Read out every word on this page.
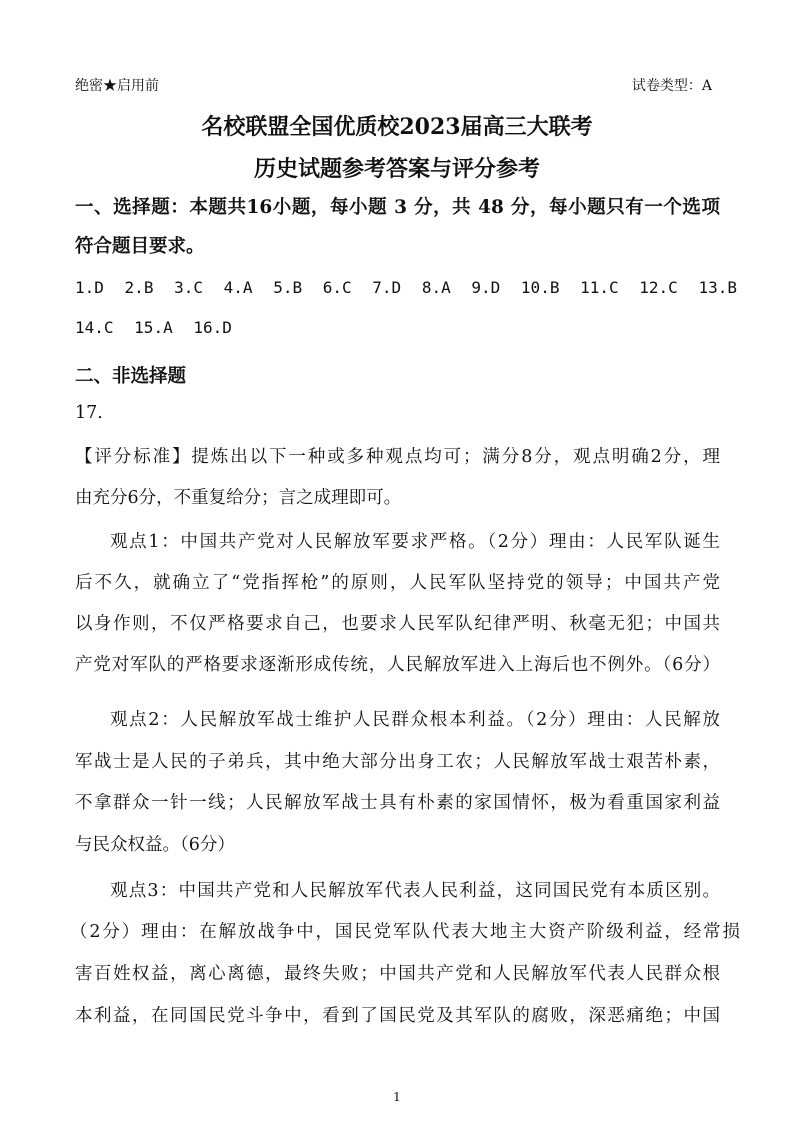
绝密★启用前	试卷类型：A
名校联盟全国优质校2023届高三大联考
历史试题参考答案与评分参考
一、选择题：本题共16小题，每小题 3 分，共 48 分，每小题只有一个选项
符合题目要求。
1.D 2.B 3.C 4.A 5.B 6.C 7.D 8.A 9.D 10.B 11.C 12.C 13.B
14.C 15.A 16.D
二、非选择题
17.
【评分标准】提炼出以下一种或多种观点均可；满分8分，观点明确2分，理
由充分6分，不重复给分；言之成理即可。
观点1：中国共产党对人民解放军要求严格。（2分）理由：人民军队诞生
后不久，就确立了“党指挥枪”的原则，人民军队坚持党的领导；中国共产党
以身作则，不仅严格要求自己，也要求人民军队纪律严明、秋毫无犯；中国共
产党对军队的严格要求逐渐形成传统，人民解放军进入上海后也不例外。（6分）
观点2：人民解放军战士维护人民群众根本利益。（2分）理由：人民解放
军战士是人民的子弟兵，其中绝大部分出身工农；人民解放军战士艰苦朴素，
不拿群众一针一线；人民解放军战士具有朴素的家国情怀，极为看重国家利益
与民众权益。（6分）
观点3：中国共产党和人民解放军代表人民利益，这同国民党有本质区别。
（2分）理由：在解放战争中，国民党军队代表大地主大资产阶级利益，经常损
害百姓权益，离心离德，最终失败；中国共产党和人民解放军代表人民群众根
本利益，在同国民党斗争中，看到了国民党及其军队的腐败，深恶痛绝；中国
1
